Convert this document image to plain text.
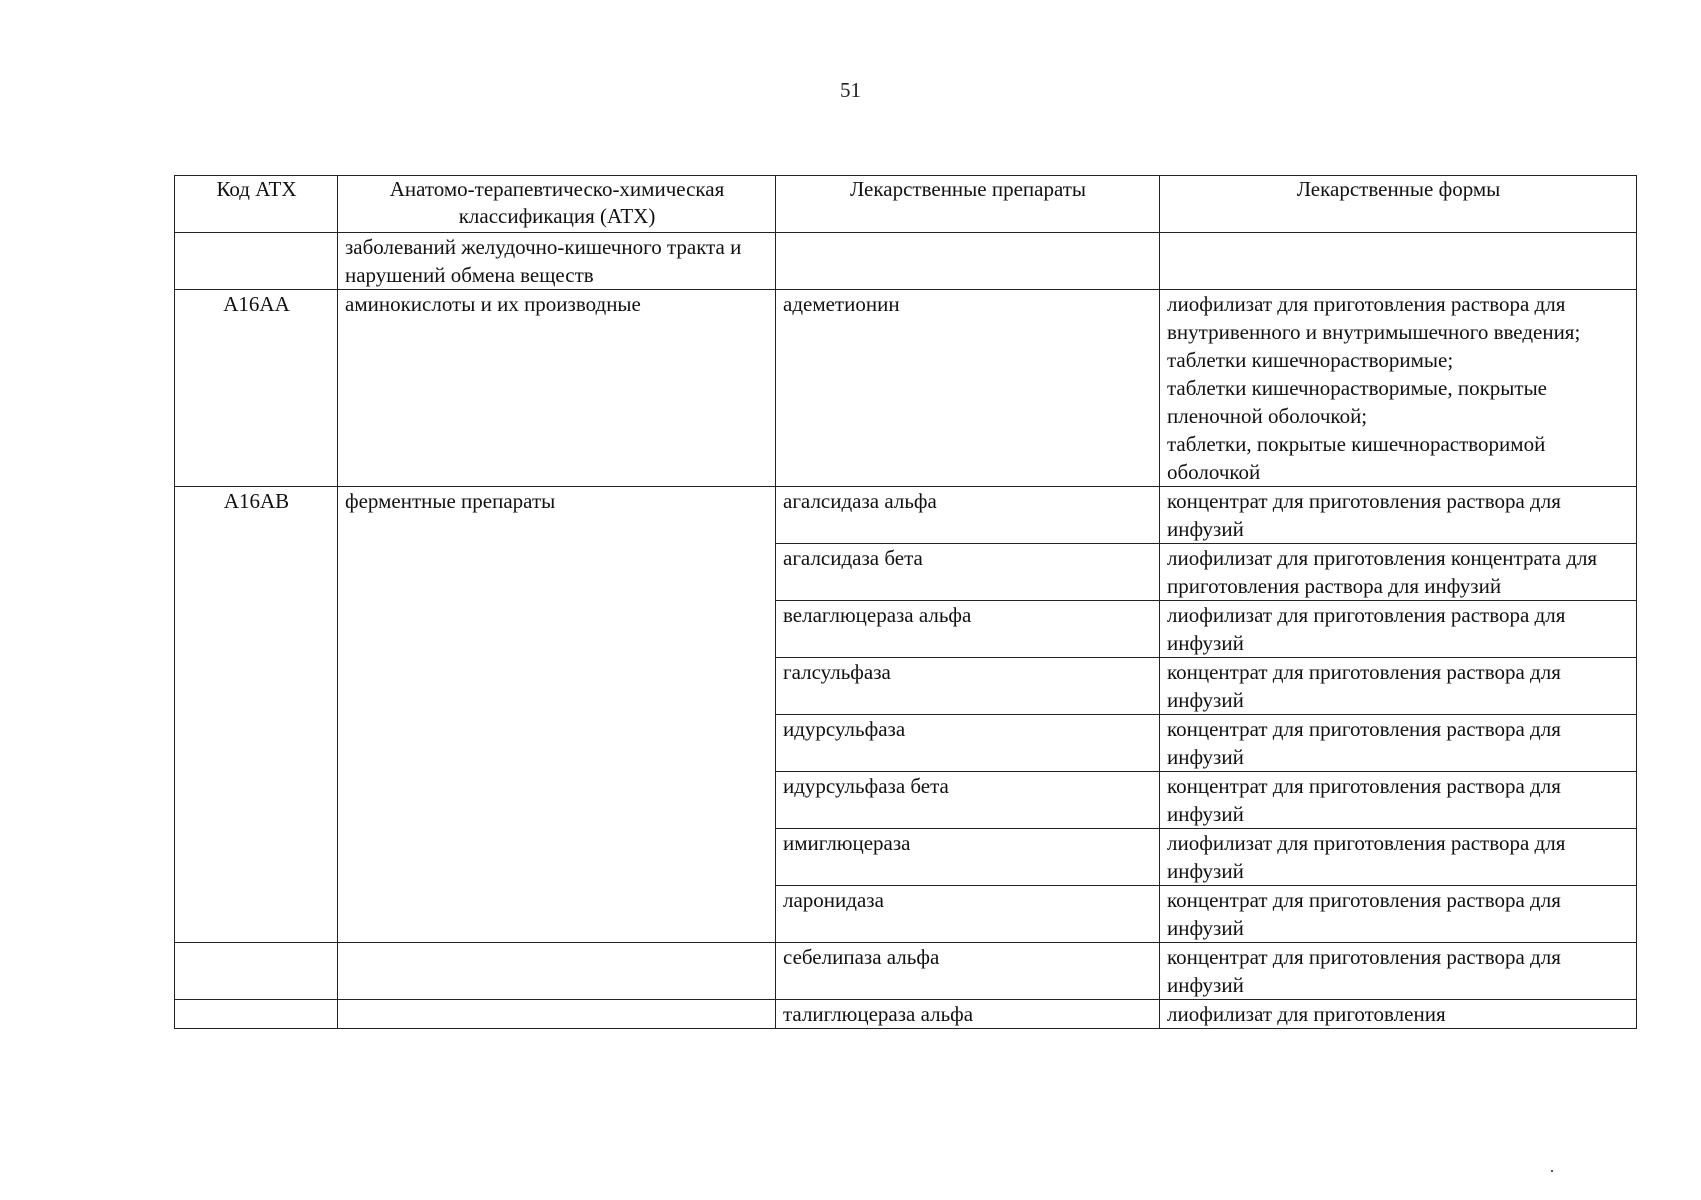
51
Код АТХ	Анатомо-терапевтическо-химическая классификация (АТХ)	Лекарственные препараты	Лекарственные формы
	заболеваний желудочно-кишечного тракта и нарушений обмена веществ		
A16AA	аминокислоты и их производные	адеметионин	лиофилизат для приготовления раствора для внутривенного и внутримышечного введения;
таблетки кишечнорастворимые;
таблетки кишечнорастворимые, покрытые пленочной оболочкой;
таблетки, покрытые кишечнорастворимой оболочкой

A16AB	ферментные препараты	агалсидаза альфа	концентрат для приготовления раствора для инфузий
		агалсидаза бета	лиофилизат для приготовления концентрата для приготовления раствора для инфузий
		велаглюцераза альфа	лиофилизат для приготовления раствора для инфузий
		галсульфаза	концентрат для приготовления раствора для инфузий
		идурсульфаза	концентрат для приготовления раствора для инфузий
		идурсульфаза бета	концентрат для приготовления раствора для инфузий
		имиглюцераза	лиофилизат для приготовления раствора для инфузий
		ларонидаза	концентрат для приготовления раствора для инфузий
		себелипаза альфа	концентрат для приготовления раствора для инфузий
		талиглюцераза альфа	лиофилизат для приготовления
